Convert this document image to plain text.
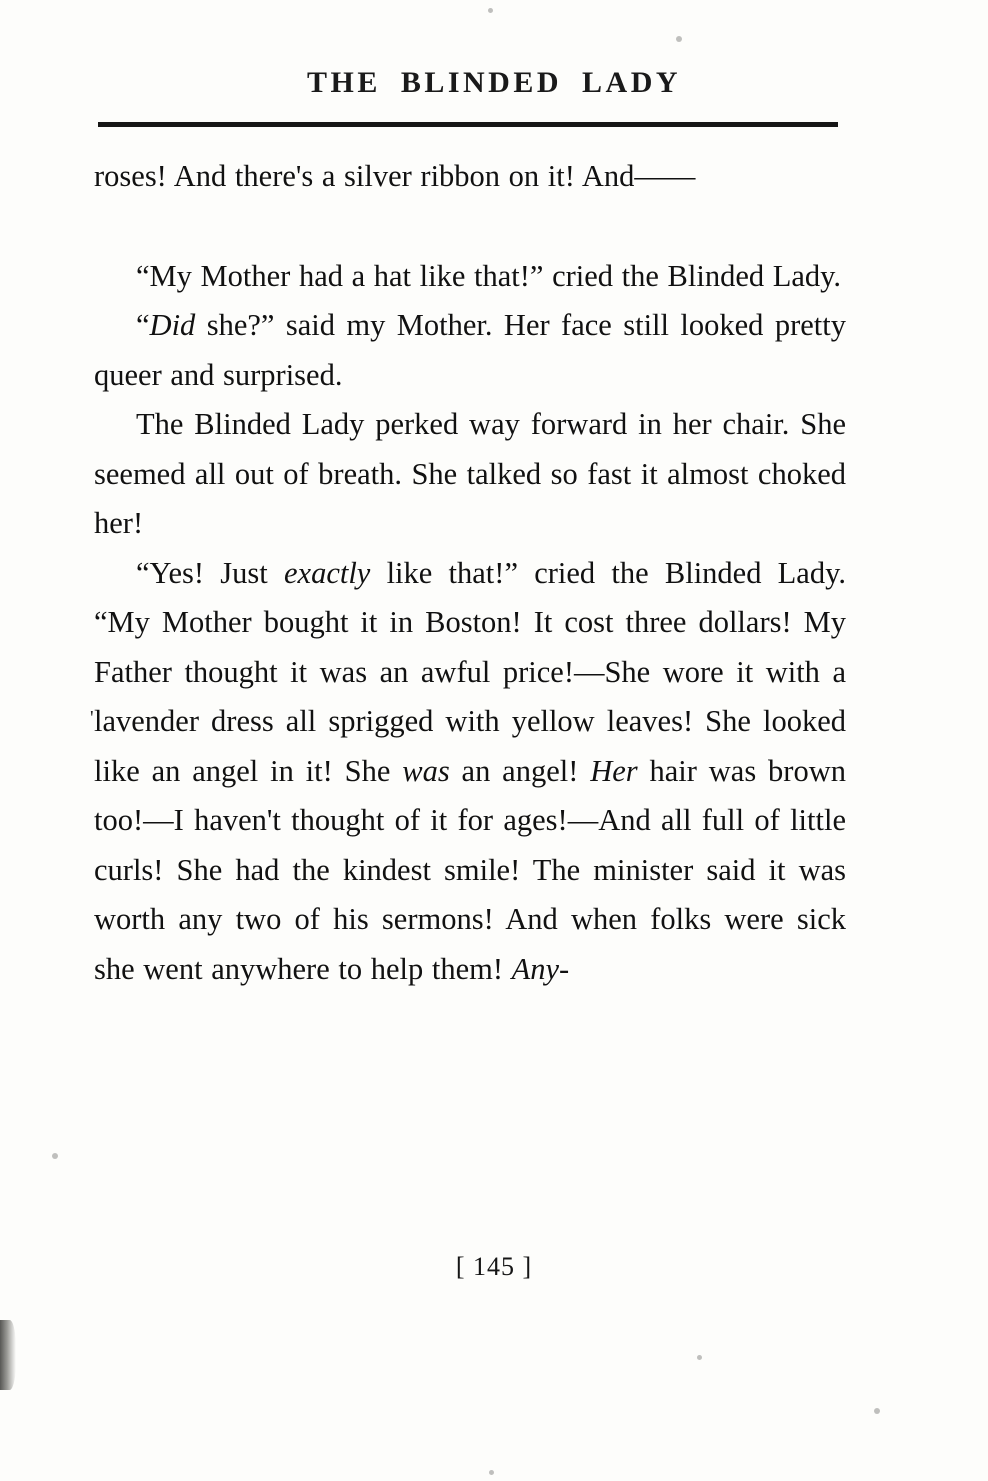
THE BLINDED LADY
'

roses! And there's a silver ribbon on it! And——

“My Mother had a hat like that!” cried the Blinded Lady.

“Did she?” said my Mother. Her face still looked pretty queer and surprised.

The Blinded Lady perked way forward in her chair. She seemed all out of breath. She talked so fast it almost choked her!

“Yes! Just exactly like that!” cried the Blinded Lady. “My Mother bought it in Boston! It cost three dollars! My Father thought it was an awful price!—She wore it with a lavender dress all sprigged with yellow leaves! She looked like an angel in it! She was an angel! Her hair was brown too!—I haven't thought of it for ages!—And all full of little curls! She had the kindest smile! The minister said it was worth any two of his sermons! And when folks were sick she went anywhere to help them! Any-

[ 145 ]
